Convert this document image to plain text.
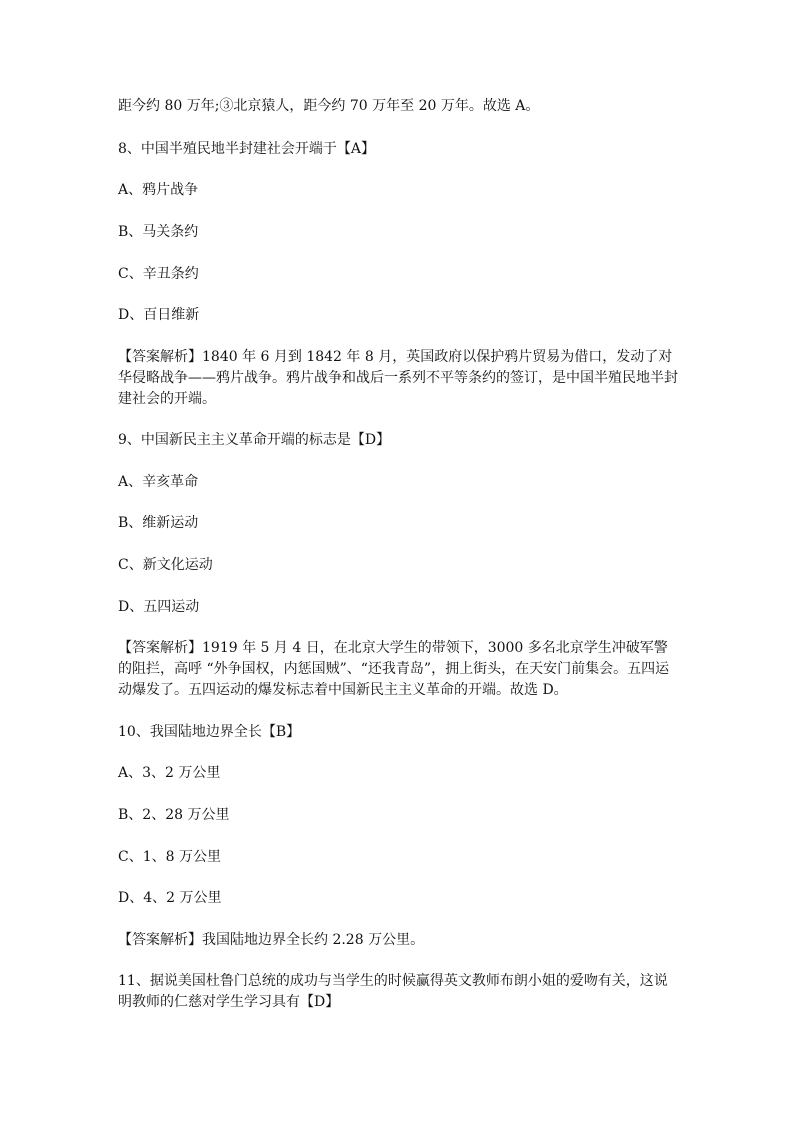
距今约 80 万年;③北京猿人，距今约 70 万年至 20 万年。故选 A。
8、中国半殖民地半封建社会开端于【A】
A、鸦片战争
B、马关条约
C、辛丑条约
D、百日维新
【答案解析】1840 年 6 月到 1842 年 8 月，英国政府以保护鸦片贸易为借口，发动了对华侵略战争——鸦片战争。鸦片战争和战后一系列不平等条约的签订，是中国半殖民地半封建社会的开端。
9、中国新民主主义革命开端的标志是【D】
A、辛亥革命
B、维新运动
C、新文化运动
D、五四运动
【答案解析】1919 年 5 月 4 日，在北京大学生的带领下，3000 多名北京学生冲破军警的阻拦，高呼 “外争国权，内惩国贼”、“还我青岛”，拥上街头，在天安门前集会。五四运动爆发了。五四运动的爆发标志着中国新民主主义革命的开端。故选 D。
10、我国陆地边界全长【B】
A、3、2 万公里
B、2、28 万公里
C、1、8 万公里
D、4、2 万公里
【答案解析】我国陆地边界全长约 2.28 万公里。
11、据说美国杜鲁门总统的成功与当学生的时候赢得英文教师布朗小姐的爱吻有关，这说明教师的仁慈对学生学习具有【D】
